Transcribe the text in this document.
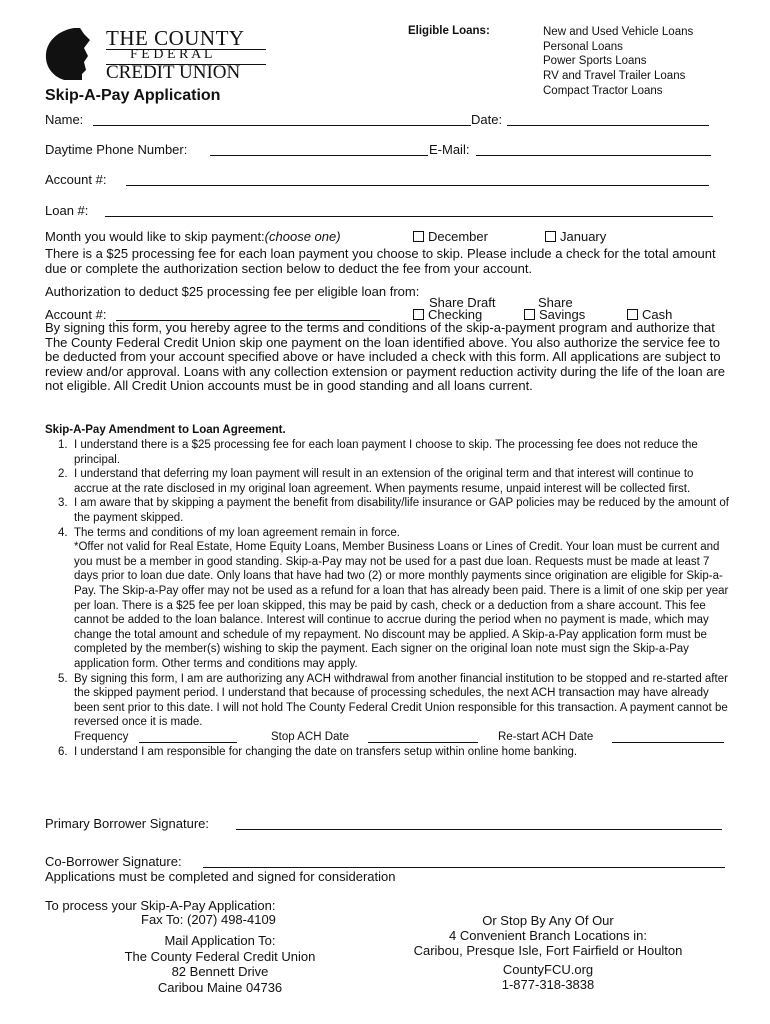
THE COUNTY
F E D E R A L
CREDIT UNION
Eligible Loans:	New and Used Vehicle Loans
Personal Loans
Power Sports Loans
RV and Travel Trailer Loans
Compact Tractor Loans
Skip-A-Pay Application
Name:	Date:
Daytime Phone Number:	E-Mail:
Account #:
Loan #:
Month you would like to skip payment:(choose one)	December	January
There is a $25 processing fee for each loan payment you choose to skip. Please include a check for the total amount due or complete the authorization section below to deduct the fee from your account.
Authorization to deduct $25 processing fee per eligible loan from:
Share Draft	Share
Account #:	Checking	Savings	Cash
By signing this form, you hereby agree to the terms and conditions of the skip-a-payment program and authorize that The County Federal Credit Union skip one payment on the loan identified above. You also authorize the service fee to be deducted from your account specified above or have included a check with this form. All applications are subject to review and/or approval. Loans with any collection extension or payment reduction activity during the life of the loan are not eligible. All Credit Union accounts must be in good standing and all loans current.
Skip-A-Pay Amendment to Loan Agreement.
1. I understand there is a $25 processing fee for each loan payment I choose to skip. The processing fee does not reduce the principal.
2. I understand that deferring my loan payment will result in an extension of the original term and that interest will continue to accrue at the rate disclosed in my original loan agreement. When payments resume, unpaid interest will be collected first.
3. I am aware that by skipping a payment the benefit from disability/life insurance or GAP policies may be reduced by the amount of the payment skipped.
4. The terms and conditions of my loan agreement remain in force.
*Offer not valid for Real Estate, Home Equity Loans, Member Business Loans or Lines of Credit. Your loan must be current and you must be a member in good standing. Skip-a-Pay may not be used for a past due loan. Requests must be made at least 7 days prior to loan due date. Only loans that have had two (2) or more monthly payments since origination are eligible for Skip-a-Pay. The Skip-a-Pay offer may not be used as a refund for a loan that has already been paid. There is a limit of one skip per year per loan. There is a $25 fee per loan skipped, this may be paid by cash, check or a deduction from a share account. This fee cannot be added to the loan balance. Interest will continue to accrue during the period when no payment is made, which may change the total amount and schedule of my repayment. No discount may be applied. A Skip-a-Pay application form must be completed by the member(s) wishing to skip the payment. Each signer on the original loan note must sign the Skip-a-Pay application form. Other terms and conditions may apply.
5. By signing this form, I am are authorizing any ACH withdrawal from another financial institution to be stopped and re-started after the skipped payment period. I understand that because of processing schedules, the next ACH transaction may have already been sent prior to this date. I will not hold The County Federal Credit Union responsible for this transaction. A payment cannot be reversed once it is made.
Frequency	Stop ACH Date	Re-start ACH Date
6. I understand I am responsible for changing the date on transfers setup within online home banking.
Primary Borrower Signature:
Co-Borrower Signature:
Applications must be completed and signed for consideration
To process your Skip-A-Pay Application:
Fax To: (207) 498-4109
Mail Application To:
The County Federal Credit Union
82 Bennett Drive
Caribou Maine 04736
Or Stop By Any Of Our
4 Convenient Branch Locations in:
Caribou, Presque Isle, Fort Fairfield or Houlton
CountyFCU.org
1-877-318-3838
